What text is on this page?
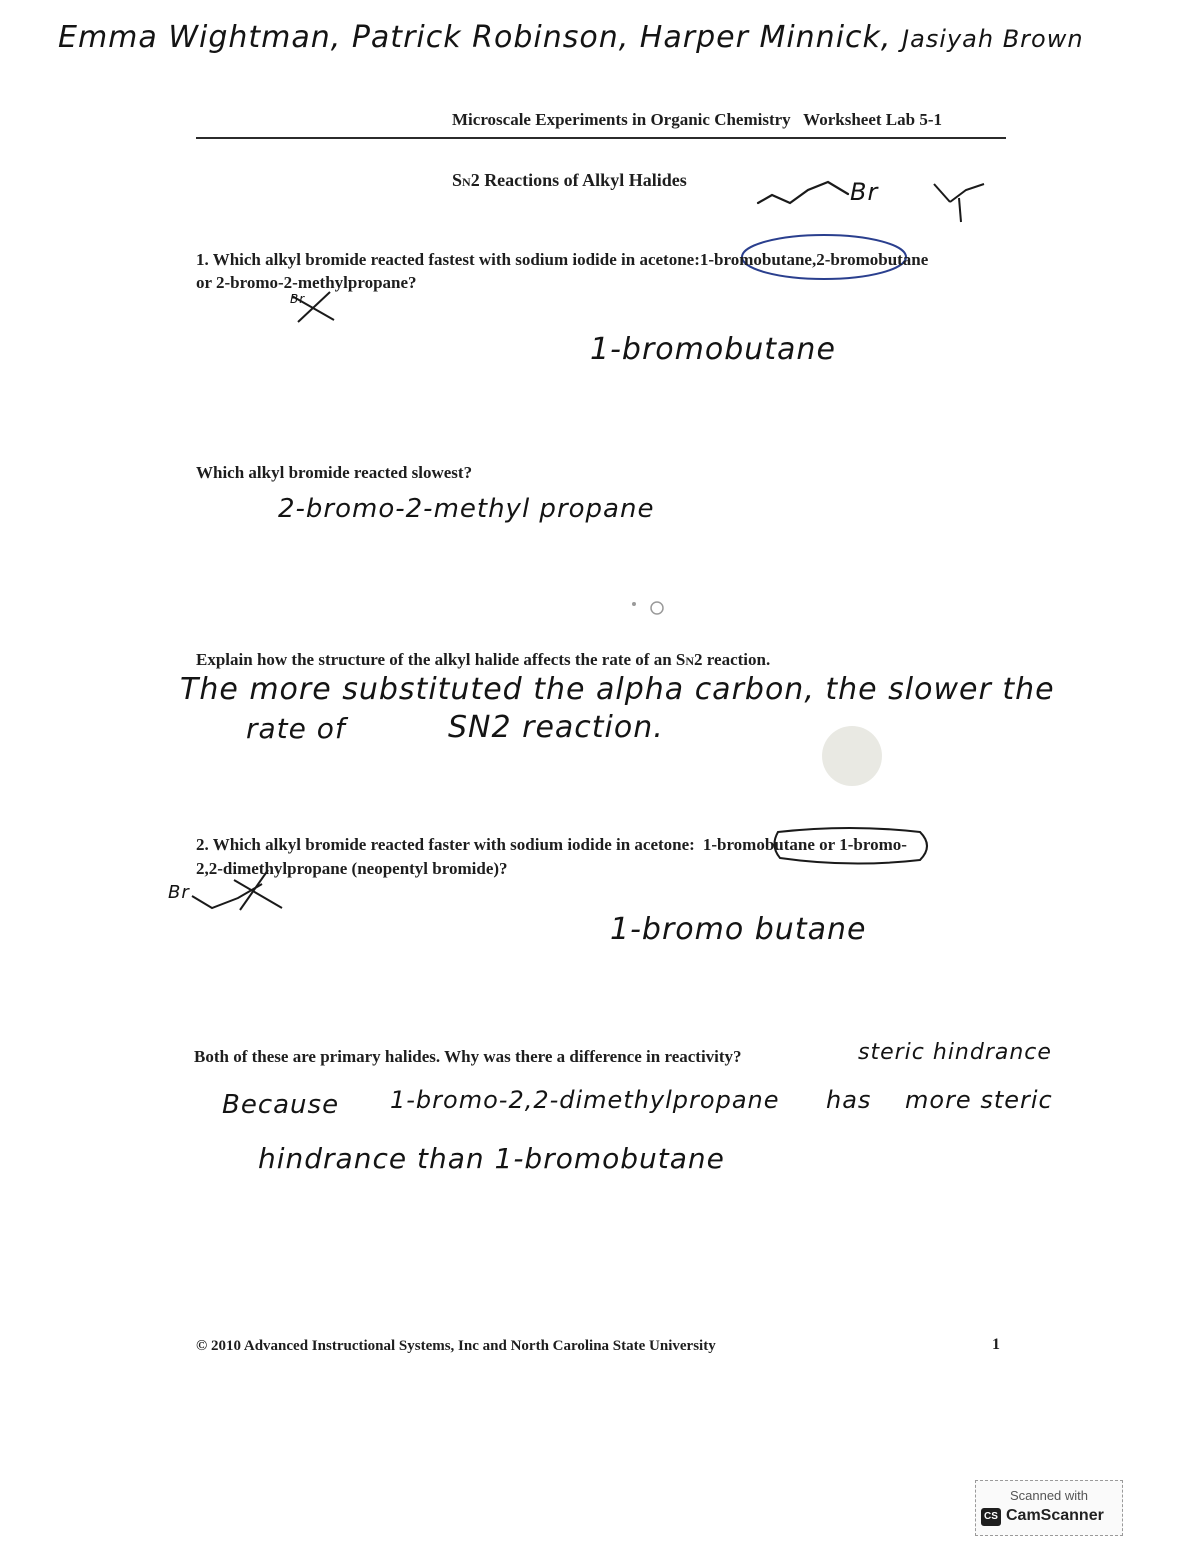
Emma Wightman, Patrick Robinson, Harper Minnick, Jasiyah Brown
Microscale Experiments in Organic Chemistry Worksheet Lab 5-1
SN2 Reactions of Alkyl Halides	Br
Br
Br
1. Which alkyl bromide reacted fastest with sodium iodide in acetone:1-bromobutane,2-bromobutane
or 2-bromo-2-methylpropane?
1-bromobutane
Which alkyl bromide reacted slowest?
2-bromo-2-methyl propane
Explain how the structure of the alkyl halide affects the rate of an SN2 reaction.
The more substituted the alpha carbon, the slower the
rate of	SN2 reaction.
2. Which alkyl bromide reacted faster with sodium iodide in acetone: 1-bromobutane or 1-bromo-
2,2-dimethylpropane (neopentyl bromide)?
1-bromo butane
Both of these are primary halides. Why was there a difference in reactivity?	steric hindrance
Because 1-bromo-2,2-dimethylpropane has more steric
hindrance than 1-bromobutane
© 2010 Advanced Instructional Systems, Inc and North Carolina State University	1
Scanned with
CS CamScanner
